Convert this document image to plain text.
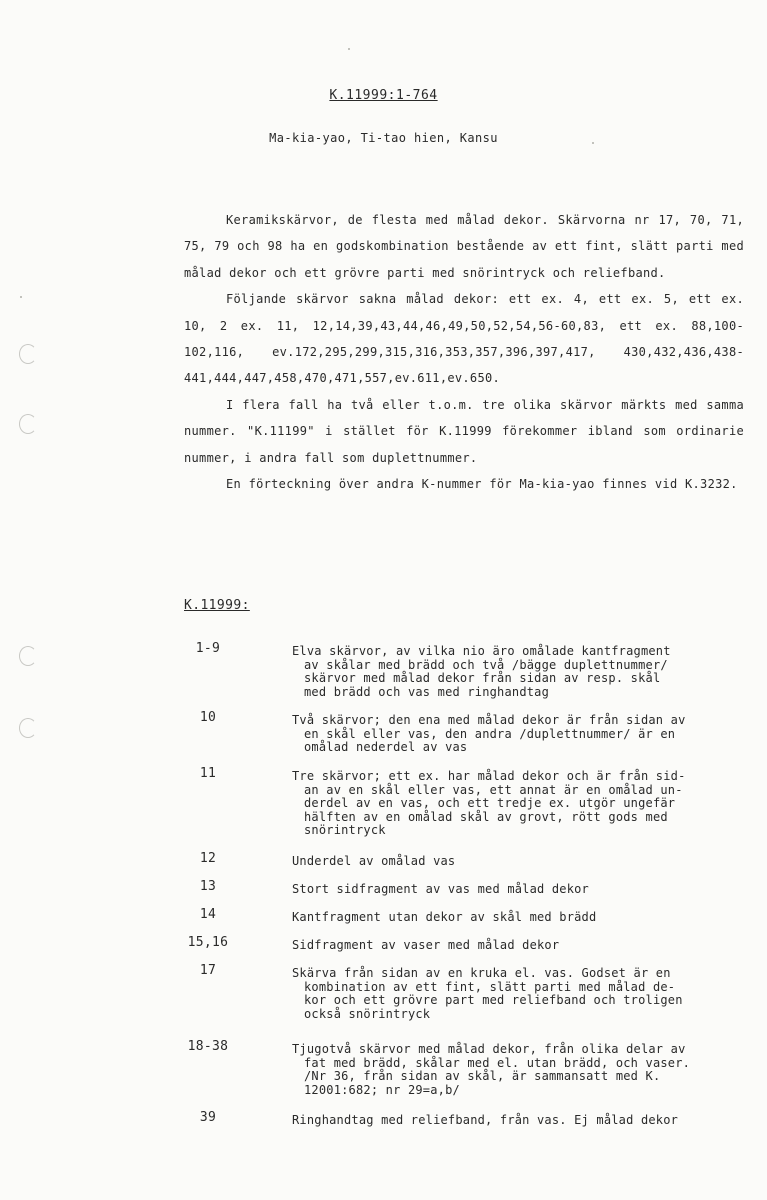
K.11999:1-764
Ma-kia-yao, Ti-tao hien, Kansu

Keramikskärvor, de flesta med målad dekor. Skärvorna nr 17, 70, 71, 75, 79 och 98 ha en godskombination bestående av ett fint, slätt parti med målad dekor och ett grövre parti med snörintryck och reliefband.

Följande skärvor sakna målad dekor: ett ex. 4, ett ex. 5, ett ex. 10, 2 ex. 11, 12,14,39,43,44,46,49,50,52,54,56-60,83, ett ex. 88,100-102,116, ev.172,295,299,315,316,353,357,396,397,417, 430,432,436,438-441,444,447,458,470,471,557,ev.611,ev.650.

I flera fall ha två eller t.o.m. tre olika skärvor märkts med samma nummer. "K.11199" i stället för K.11999 förekommer ibland som ordinarie nummer, i andra fall som duplettnummer.

En förteckning över andra K-nummer för Ma-kia-yao finnes vid K.3232.

K.11999:
1-9	Elva skärvor, av vilka nio äro omålade kantfragment
av skålar med brädd och två /bägge duplettnummer/
skärvor med målad dekor från sidan av resp. skål
med brädd och vas med ringhandtag
10	Två skärvor; den ena med målad dekor är från sidan av
en skål eller vas, den andra /duplettnummer/ är en
omålad nederdel av vas
11	Tre skärvor; ett ex. har målad dekor och är från sid-
an av en skål eller vas, ett annat är en omålad un-
derdel av en vas, och ett tredje ex. utgör ungefär
hälften av en omålad skål av grovt, rött gods med
snörintryck
12	Underdel av omålad vas
13	Stort sidfragment av vas med målad dekor
14	Kantfragment utan dekor av skål med brädd
15,16	Sidfragment av vaser med målad dekor
17	Skärva från sidan av en kruka el. vas. Godset är en
kombination av ett fint, slätt parti med målad de-
kor och ett grövre part med reliefband och troligen
också snörintryck
18-38	Tjugotvå skärvor med målad dekor, från olika delar av
fat med brädd, skålar med el. utan brädd, och vaser.
/Nr 36, från sidan av skål, är sammansatt med K.
12001:682; nr 29=a,b/
39	Ringhandtag med reliefband, från vas. Ej målad dekor
